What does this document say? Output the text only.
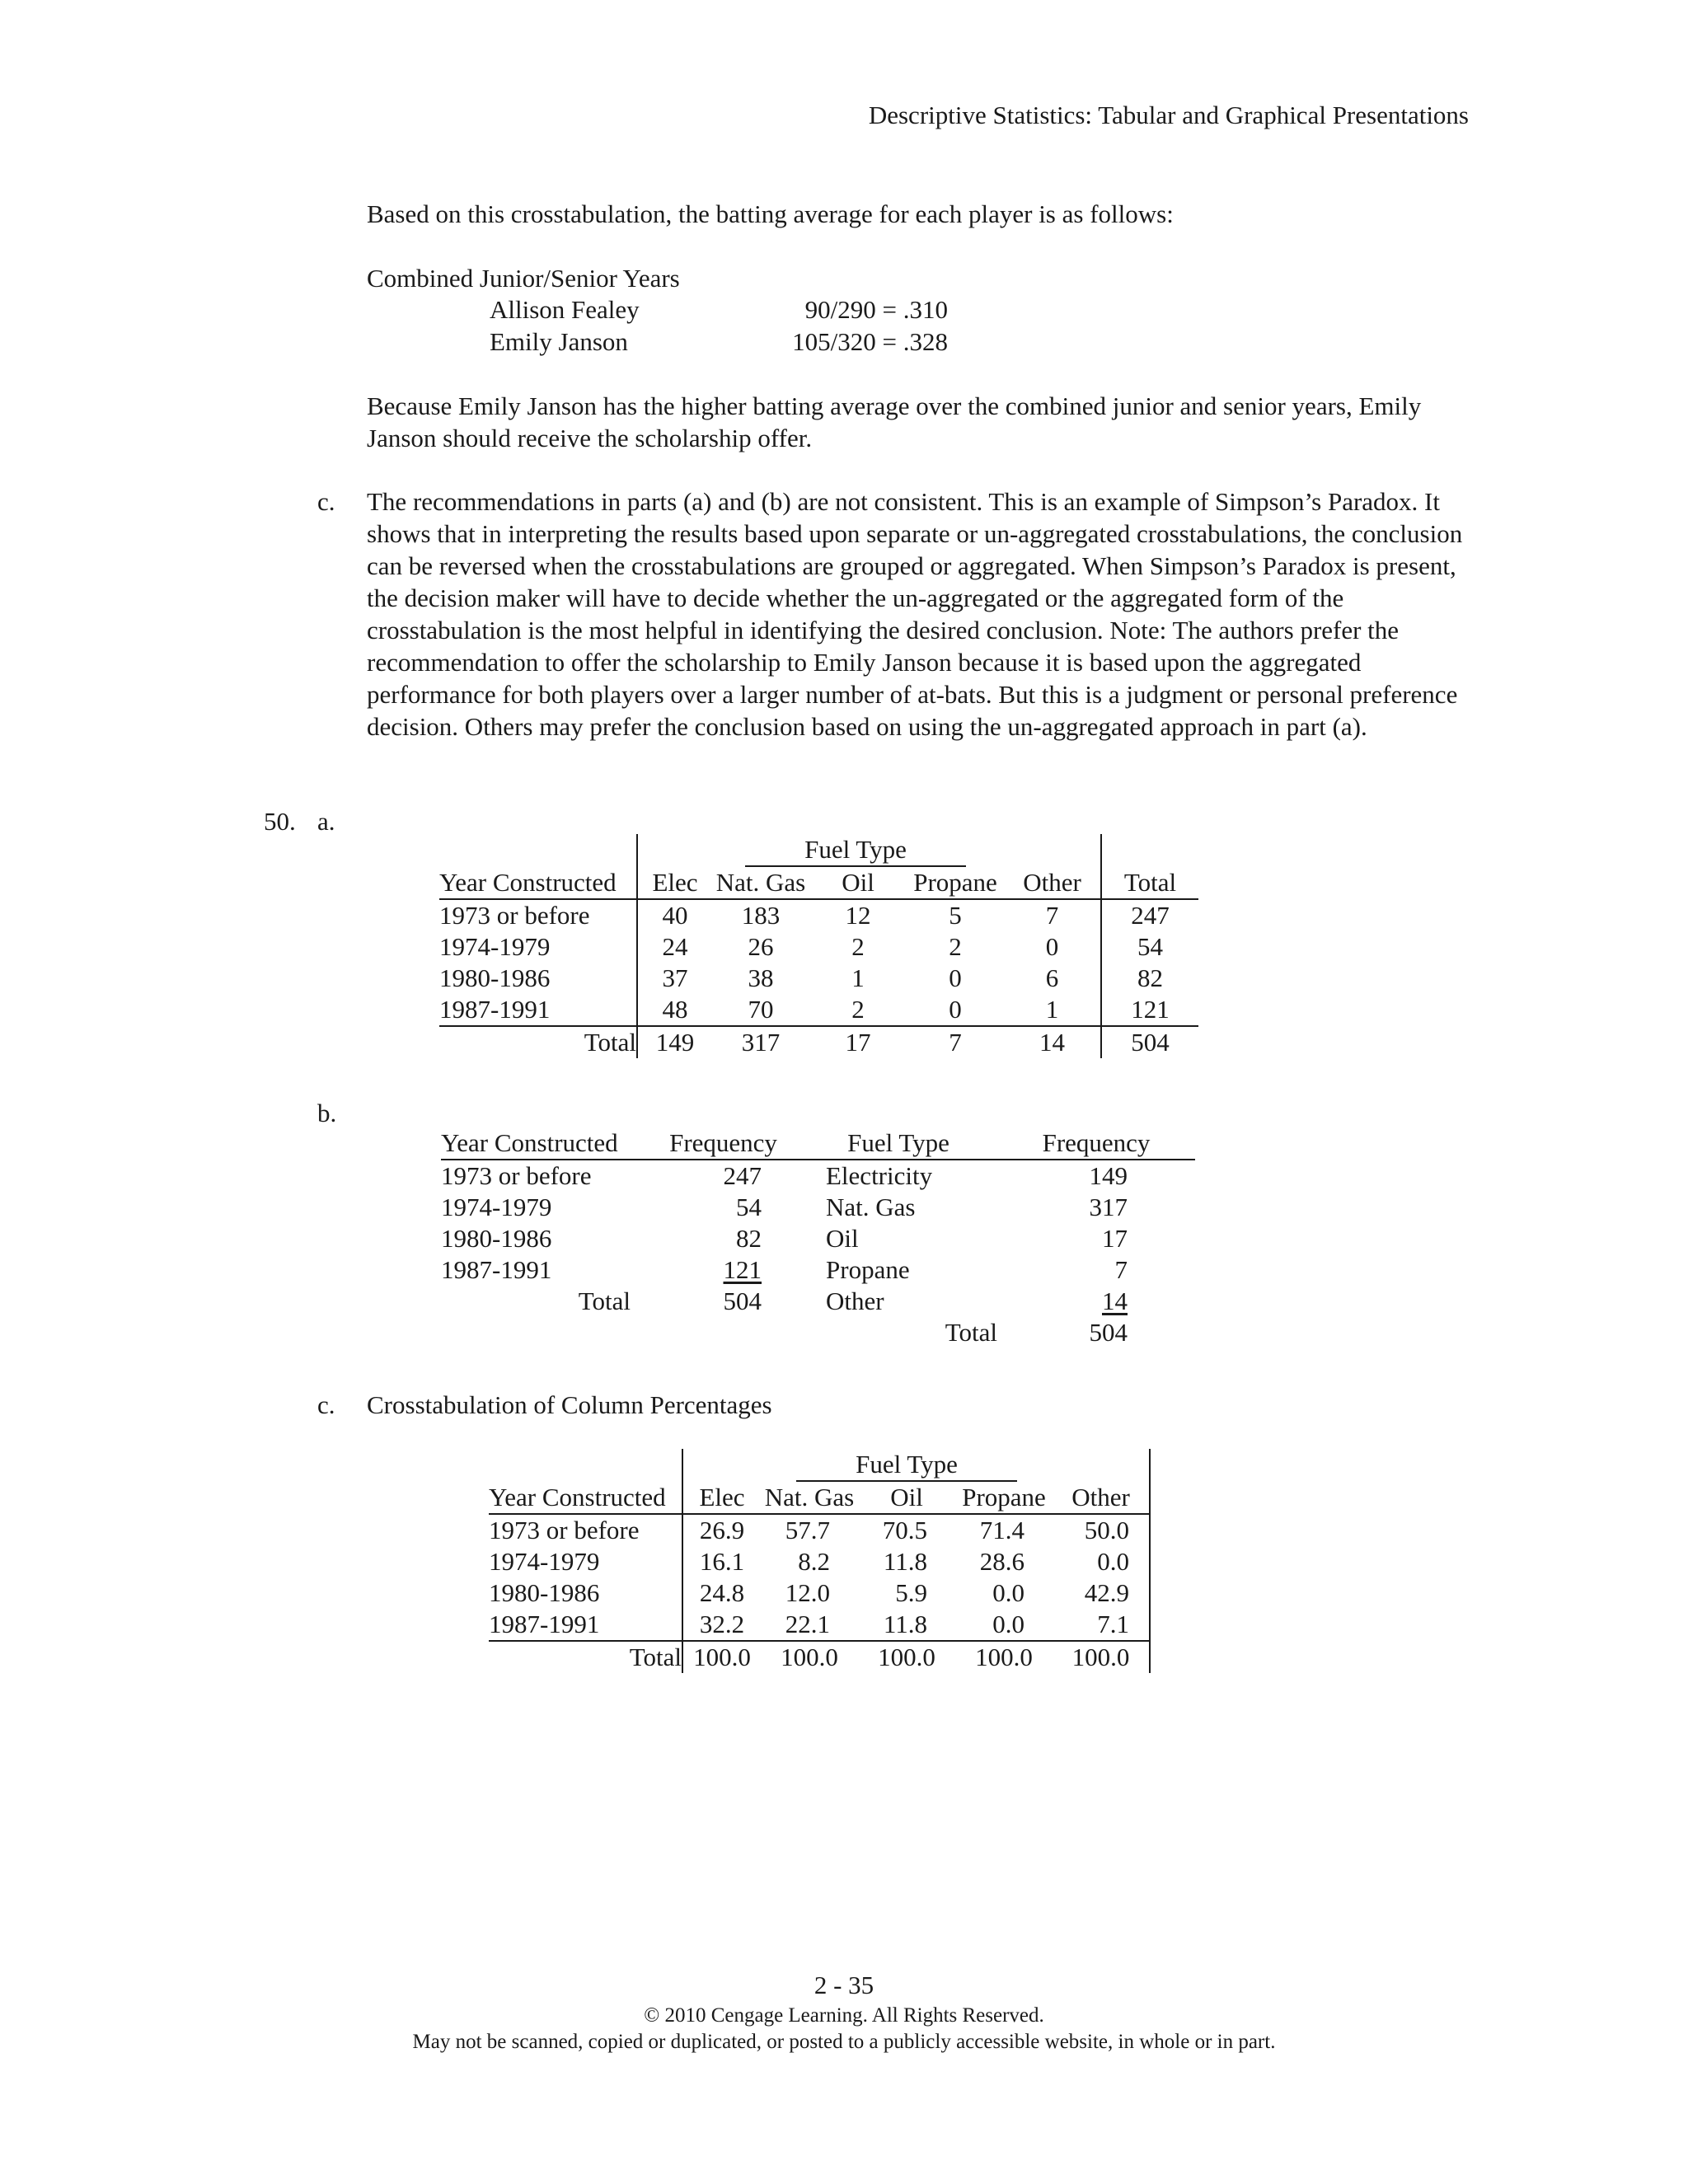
Descriptive Statistics: Tabular and Graphical Presentations
Based on this crosstabulation, the batting average for each player is as follows:
Combined Junior/Senior Years
Allison Fealey	90/290 = .310
Emily Janson	105/320 = .328
Because Emily Janson has the higher batting average over the combined junior and senior years, Emily Janson should receive the scholarship offer.
c. The recommendations in parts (a) and (b) are not consistent. This is an example of Simpson’s Paradox. It shows that in interpreting the results based upon separate or un-aggregated crosstabulations, the conclusion can be reversed when the crosstabulations are grouped or aggregated. When Simpson’s Paradox is present, the decision maker will have to decide whether the un-aggregated or the aggregated form of the crosstabulation is the most helpful in identifying the desired conclusion. Note: The authors prefer the recommendation to offer the scholarship to Emily Janson because it is based upon the aggregated performance for both players over a larger number of at-bats. But this is a judgment or personal preference decision. Others may prefer the conclusion based on using the un-aggregated approach in part (a).
50. a.
		Fuel Type				
Year Constructed	Elec	Nat. Gas	Oil	Propane	Other	Total
1973 or before	40	183	12	5	7	247
1974-1979	24	26	2	2	0	54
1980-1986	37	38	1	0	6	82
1987-1991	48	70	2	0	1	121
Total	149	317	17	7	14	504
b.
Year Constructed	Frequency	Fuel Type	Frequency
1973 or before	247	Electricity	149
1974-1979	54	Nat. Gas	317
1980-1986	82	Oil	17
1987-1991	121	Propane	7
Total	504	Other	14
		Total	504
c. Crosstabulation of Column Percentages
		Fuel Type			
Year Constructed	Elec	Nat. Gas	Oil	Propane	Other
1973 or before	26.9	57.7	70.5	71.4	50.0
1974-1979	16.1	8.2	11.8	28.6	0.0
1980-1986	24.8	12.0	5.9	0.0	42.9
1987-1991	32.2	22.1	11.8	0.0	7.1
Total	100.0	100.0	100.0	100.0	100.0
2 - 35
© 2010 Cengage Learning. All Rights Reserved.
May not be scanned, copied or duplicated, or posted to a publicly accessible website, in whole or in part.
